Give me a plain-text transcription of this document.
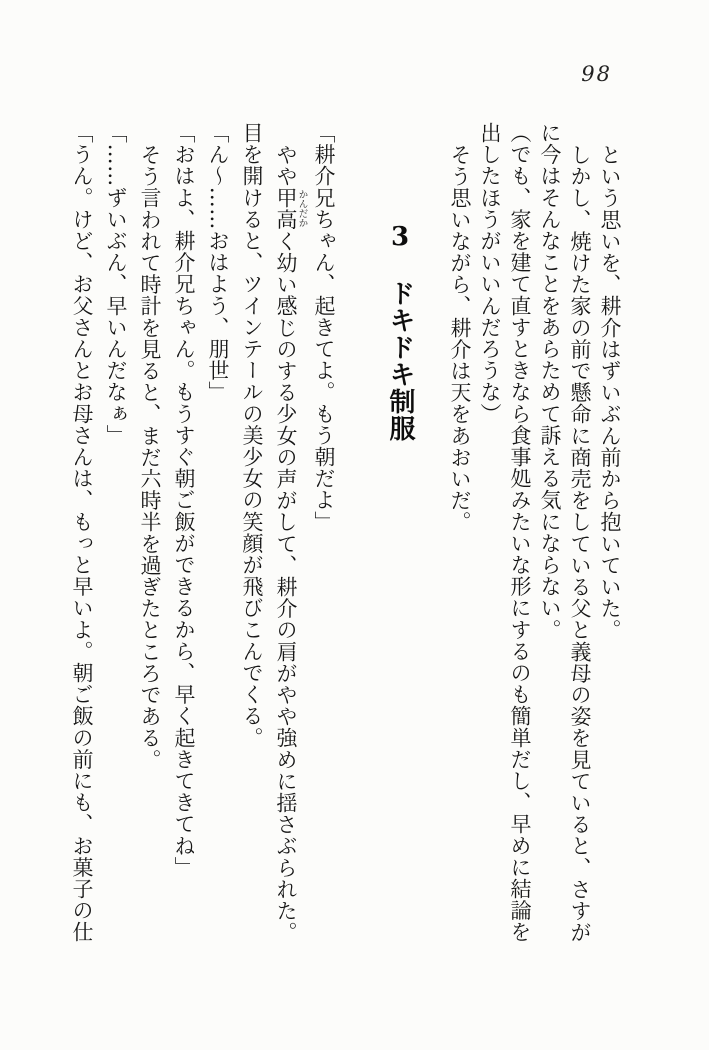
98

という思いを、耕介はずいぶん前から抱いていた。

しかし、焼けた家の前で懸命に商売をしている父と義母の姿を見ていると、さすが

に今はそんなことをあらためて訴える気にならない。

（でも、家を建て直すときなら食事処みたいな形にするのも簡単だし、早めに結論を

出したほうがいいんだろうな）

そう思いながら、耕介は天をあおいだ。

3　ドキドキ制服

「耕介兄ちゃん、起きてよ。もう朝だよ」

やや甲高かんだかく幼い感じのする少女の声がして、耕介の肩がやや強めに揺さぶられた。

目を開けると、ツインテールの美少女の笑顔が飛びこんでくる。

「ん〜……おはよう、朋世」

「おはよ、耕介兄ちゃん。もうすぐ朝ご飯ができるから、早く起きてきてね」

そう言われて時計を見ると、まだ六時半を過ぎたところである。

「……ずいぶん、早いんだなぁ」

「うん。けど、お父さんとお母さんは、もっと早いよ。朝ご飯の前にも、お菓子の仕
